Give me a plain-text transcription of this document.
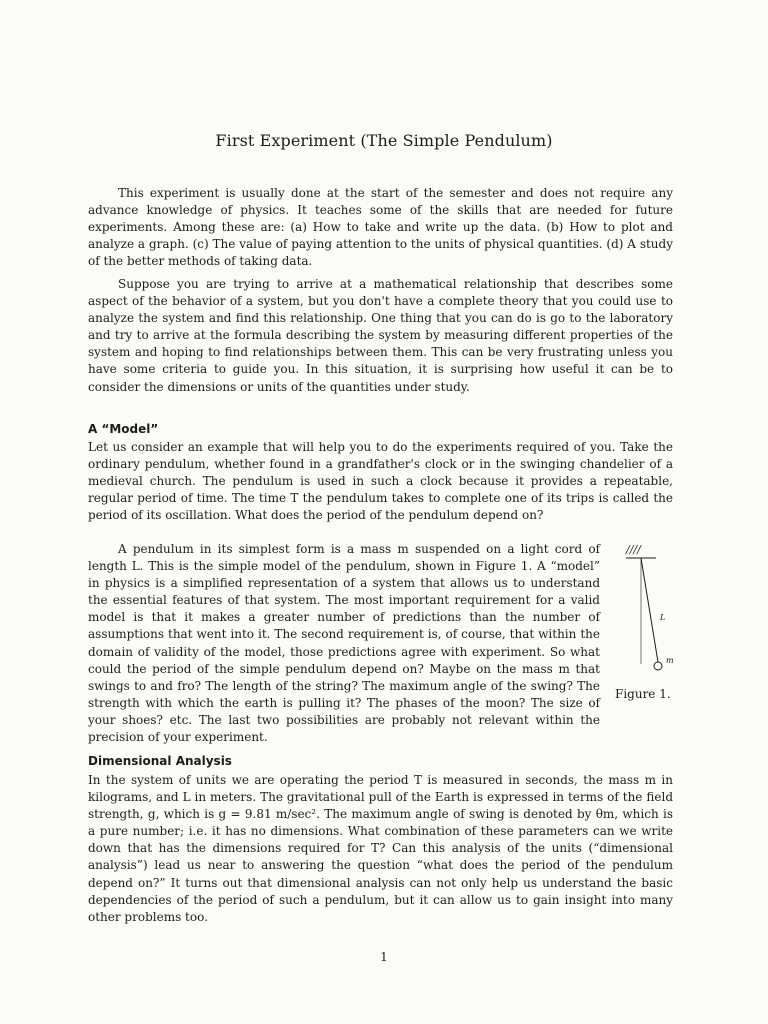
First Experiment (The Simple Pendulum)

This experiment is usually done at the start of the semester and does not require any advance knowledge of physics. It teaches some of the skills that are needed for future experiments. Among these are: (a) How to take and write up the data. (b) How to plot and analyze a graph. (c) The value of paying attention to the units of physical quantities. (d) A study of the better methods of taking data.

Suppose you are trying to arrive at a mathematical relationship that describes some aspect of the behavior of a system, but you don't have a complete theory that you could use to analyze the system and find this relationship. One thing that you can do is go to the laboratory and try to arrive at the formula describing the system by measuring different properties of the system and hoping to find relationships between them. This can be very frustrating unless you have some criteria to guide you. In this situation, it is surprising how useful it can be to consider the dimensions or units of the quantities under study.

A “Model”

Let us consider an example that will help you to do the experiments required of you. Take the ordinary pendulum, whether found in a grandfather's clock or in the swinging chandelier of a medieval church. The pendulum is used in such a clock because it provides a repeatable, regular period of time. The time T the pendulum takes to complete one of its trips is called the period of its oscillation. What does the period of the pendulum depend on?

A pendulum in its simplest form is a mass m suspended on a light cord of length L. This is the simple model of the pendulum, shown in Figure 1. A “model” in physics is a simplified representation of a system that allows us to understand the essential features of that system. The most important requirement for a valid model is that it makes a greater number of predictions than the number of assumptions that went into it. The second requirement is, of course, that within the domain of validity of the model, those predictions agree with experiment. So what could the period of the simple pendulum depend on? Maybe on the mass m that swings to and fro? The length of the string? The maximum angle of the swing? The strength with which the earth is pulling it? The phases of the moon? The size of your shoes? etc. The last two possibilities are probably not relevant within the precision of your experiment.

////
L
m
Figure 1.
Dimensional Analysis

In the system of units we are operating the period T is measured in seconds, the mass m in kilograms, and L in meters. The gravitational pull of the Earth is expressed in terms of the field strength, g, which is g = 9.81 m/sec². The maximum angle of swing is denoted by θm, which is a pure number; i.e. it has no dimensions. What combination of these parameters can we write down that has the dimensions required for T? Can this analysis of the units (“dimensional analysis”) lead us near to answering the question “what does the period of the pendulum depend on?” It turns out that dimensional analysis can not only help us understand the basic dependencies of the period of such a pendulum, but it can allow us to gain insight into many other problems too.

1
